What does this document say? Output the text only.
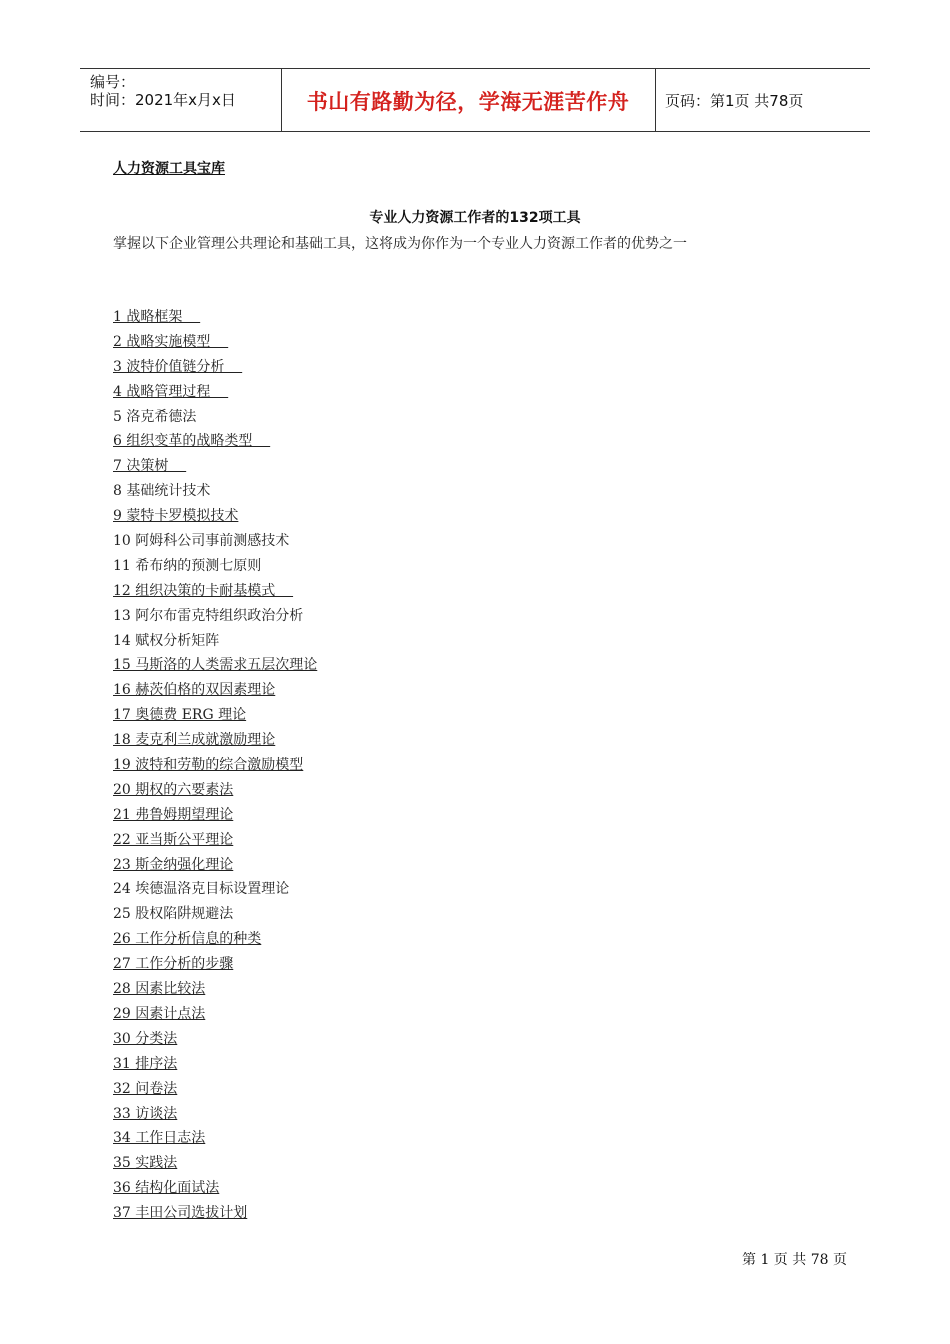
编号：
时间：2021年x月x日	书山有路勤为径，学海无涯苦作舟	页码：第1页 共78页
人力资源工具宝库
专业人力资源工作者的132项工具
掌握以下企业管理公共理论和基础工具，这将成为你作为一个专业人力资源工作者的优势之一
1 战略框架
2 战略实施模型
3 波特价值链分析
4 战略管理过程
5 洛克希德法
6 组织变革的战略类型
7 决策树
8 基础统计技术
9 蒙特卡罗模拟技术
10 阿姆科公司事前测感技术
11 希布纳的预测七原则
12 组织决策的卡耐基模式
13 阿尔布雷克特组织政治分析
14 赋权分析矩阵
15 马斯洛的人类需求五层次理论
16 赫茨伯格的双因素理论
17 奥德费 ERG 理论
18 麦克利兰成就激励理论
19 波特和劳勒的综合激励模型
20 期权的六要素法
21 弗鲁姆期望理论
22 亚当斯公平理论
23 斯金纳强化理论
24 埃德温洛克目标设置理论
25 股权陷阱规避法
26 工作分析信息的种类
27 工作分析的步骤
28 因素比较法
29 因素计点法
30 分类法
31 排序法
32 问卷法
33 访谈法
34 工作日志法
35 实践法
36 结构化面试法
37 丰田公司选拔计划
第 1 页 共 78 页
